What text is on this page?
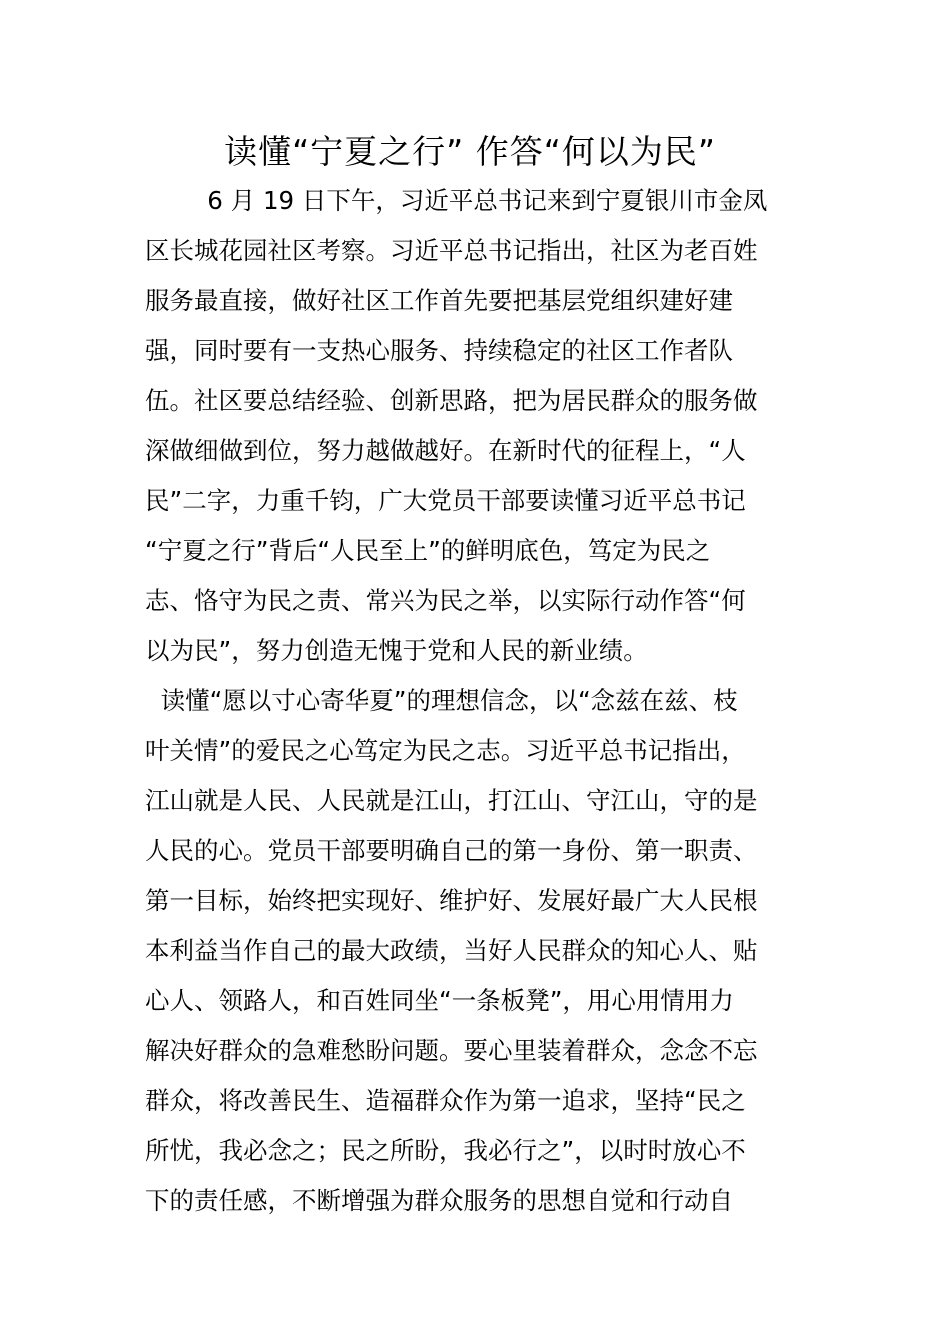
读懂“宁夏之行” 作答“何以为民”
6 月 19 日下午，习近平总书记来到宁夏银川市金凤
区长城花园社区考察。习近平总书记指出，社区为老百姓
服务最直接，做好社区工作首先要把基层党组织建好建
强，同时要有一支热心服务、持续稳定的社区工作者队
伍。社区要总结经验、创新思路，把为居民群众的服务做
深做细做到位，努力越做越好。在新时代的征程上，“人
民”二字，力重千钧，广大党员干部要读懂习近平总书记
“宁夏之行”背后“人民至上”的鲜明底色，笃定为民之
志、恪守为民之责、常兴为民之举，以实际行动作答“何
以为民”，努力创造无愧于党和人民的新业绩。
读懂“愿以寸心寄华夏”的理想信念，以“念兹在兹、枝
叶关情”的爱民之心笃定为民之志。习近平总书记指出，
江山就是人民、人民就是江山，打江山、守江山，守的是
人民的心。党员干部要明确自己的第一身份、第一职责、
第一目标，始终把实现好、维护好、发展好最广大人民根
本利益当作自己的最大政绩，当好人民群众的知心人、贴
心人、领路人，和百姓同坐“一条板凳”，用心用情用力
解决好群众的急难愁盼问题。要心里装着群众，念念不忘
群众，将改善民生、造福群众作为第一追求，坚持“民之
所忧，我必念之；民之所盼，我必行之”，以时时放心不
下的责任感，不断增强为群众服务的思想自觉和行动自
